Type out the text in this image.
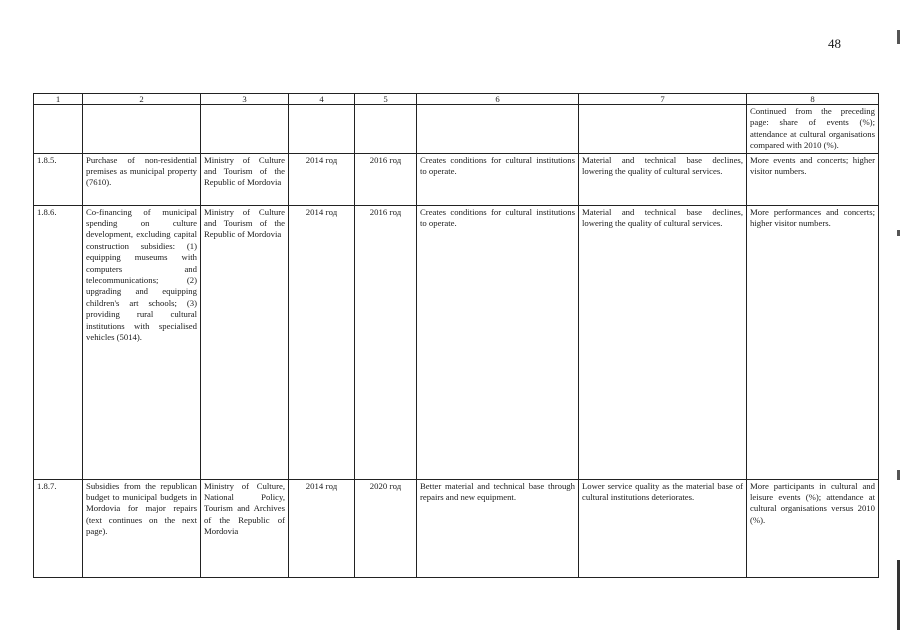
48
1	2	3	4	5	6	7	8
							Continued from the preceding page: share of events (%); attendance at cultural organisations compared with 2010 (%).
1.8.5.	Purchase of non-residential premises as municipal property (7610).	Ministry of Culture and Tourism of the Republic of Mordovia	2014 год	2016 год	Creates conditions for cultural institutions to operate.	Material and technical base declines, lowering the quality of cultural services.	More events and concerts; higher visitor numbers.
1.8.6.	Co-financing of municipal spending on culture development, excluding capital construction subsidies: (1) equipping museums with computers and telecommunications; (2) upgrading and equipping children's art schools; (3) providing rural cultural institutions with specialised vehicles (5014).	Ministry of Culture and Tourism of the Republic of Mordovia	2014 год	2016 год	Creates conditions for cultural institutions to operate.	Material and technical base declines, lowering the quality of cultural services.	More performances and concerts; higher visitor numbers.
1.8.7.	Subsidies from the republican budget to municipal budgets in Mordovia for major repairs (text continues on the next page).	Ministry of Culture, National Policy, Tourism and Archives of the Republic of Mordovia	2014 год	2020 год	Better material and technical base through repairs and new equipment.	Lower service quality as the material base of cultural institutions deteriorates.	More participants in cultural and leisure events (%); attendance at cultural organisations versus 2010 (%).
